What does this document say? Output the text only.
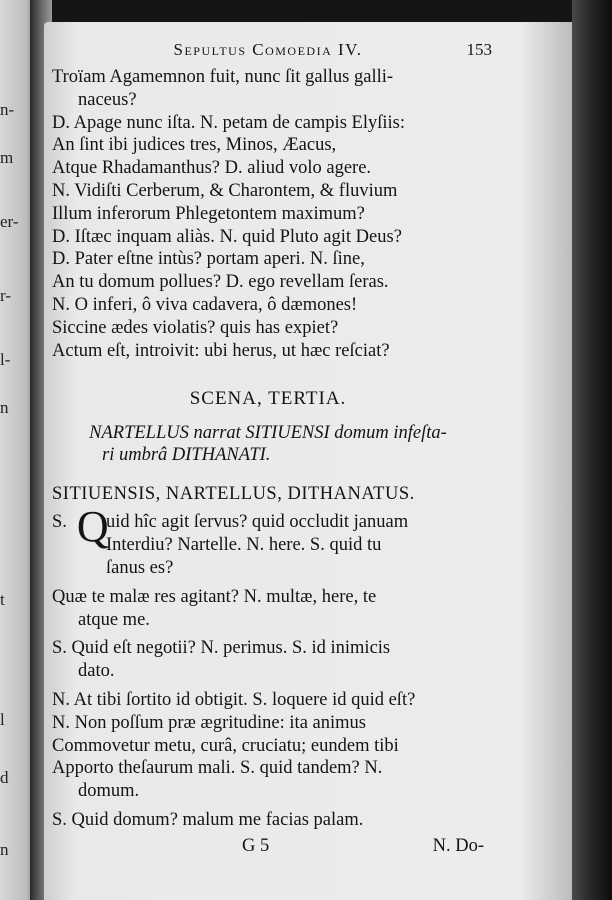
n-
m
er-
r-
l-
n
t
l
d
n
Sepultus Comoedia IV.	153
Troïam Agamemnon fuit, nunc ſit gallus galli-
naceus?
D. Apage nunc iſta. N. petam de campis Elyſiis:
An ſint ibi judices tres, Minos, Æacus,
Atque Rhadamanthus? D. aliud volo agere.
N. Vidiſti Cerberum, & Charontem, & fluvium
Illum inferorum Phlegetontem maximum?
D. Iſtæc inquam aliàs. N. quid Pluto agit Deus?
D. Pater eſtne intùs? portam aperi. N. ſine,
An tu domum pollues? D. ego revellam ſeras.
N. O inferi, ô viva cadavera, ô dæmones!
Siccine ædes violatis? quis has expiet?
Actum eſt, introivit: ubi herus, ut hæc reſciat?
SCENA, TERTIA.
NARTELLUS narrat SITIUENSI domum infeſta-
ri umbrâ DITHANATI.
SITIUENSIS, NARTELLUS, DITHANATUS.
S. Q
uid hîc agit ſervus? quid occludit januam
Interdiu? Nartelle. N. here. S. quid tu
ſanus es?
Quæ te malæ res agitant? N. multæ, here, te
atque me.
S. Quid eſt negotii? N. perimus. S. id inimicis
dato.
N. At tibi ſortito id obtigit. S. loquere id quid eſt?
N. Non poſſum præ ægritudine: ita animus
Commovetur metu, curâ, cruciatu; eundem tibi
Apporto theſaurum mali. S. quid tandem? N.
domum.
S. Quid domum? malum me facias palam.
G 5	N. Do-
